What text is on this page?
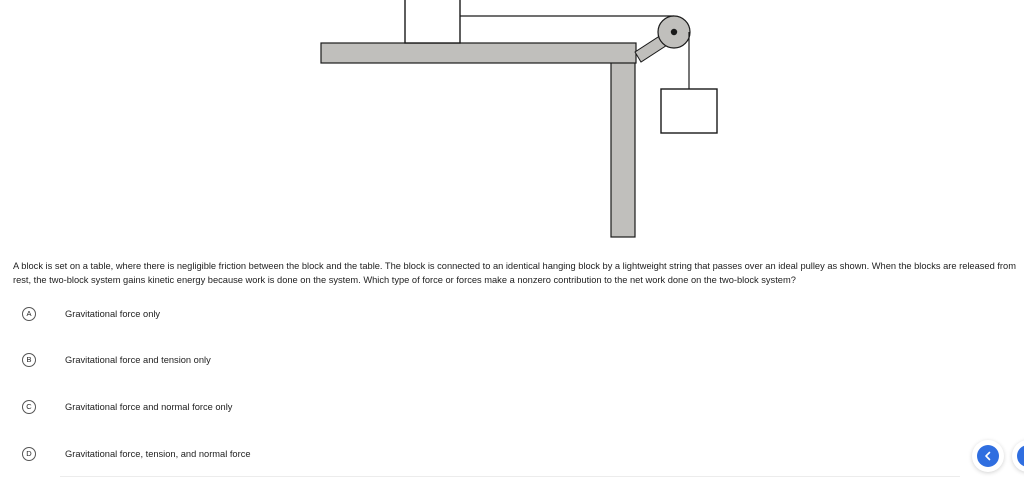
A block is set on a table, where there is negligible friction between the block and the table. The block is connected to an identical hanging block by a lightweight string that passes over an ideal pulley as shown. When the blocks are released from rest, the two-block system gains kinetic energy because work is done on the system. Which type of force or forces make a nonzero contribution to the net work done on the two-block system?

A	Gravitational force only
B	Gravitational force and tension only
C	Gravitational force and normal force only
D	Gravitational force, tension, and normal force
